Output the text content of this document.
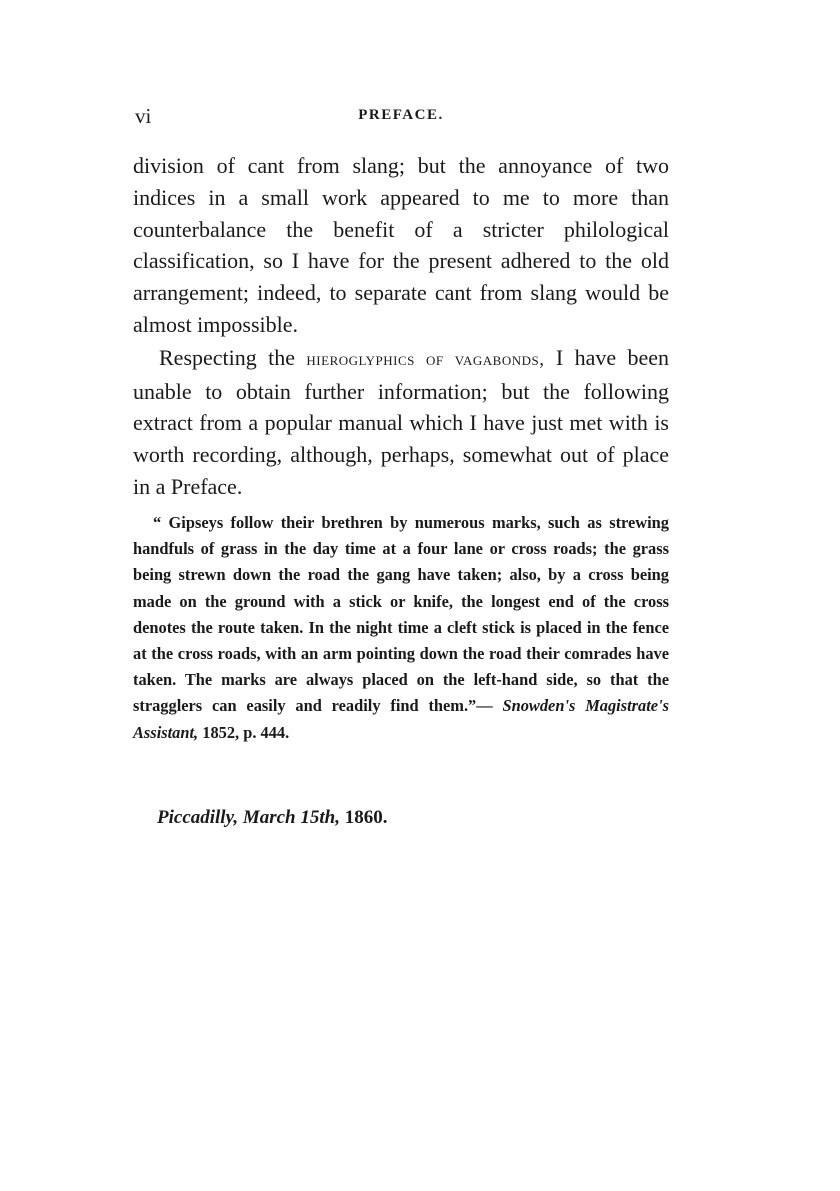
vi	PREFACE.

division of cant from slang; but the annoyance of two indices in a small work appeared to me to more than counterbalance the benefit of a stricter philological classification, so I have for the present adhered to the old arrangement; indeed, to separate cant from slang would be almost impossible.

Respecting the hieroglyphics of vagabonds, I have been unable to obtain further information; but the following extract from a popular manual which I have just met with is worth recording, although, perhaps, somewhat out of place in a Preface.

“ Gipseys follow their brethren by numerous marks, such as strewing handfuls of grass in the day time at a four lane or cross roads; the grass being strewn down the road the gang have taken; also, by a cross being made on the ground with a stick or knife, the longest end of the cross denotes the route taken. In the night time a cleft stick is placed in the fence at the cross roads, with an arm pointing down the road their comrades have taken. The marks are always placed on the left-hand side, so that the stragglers can easily and readily find them.”— Snowden's Magistrate's Assistant, 1852, p. 444.

Piccadilly, March 15th, 1860.
